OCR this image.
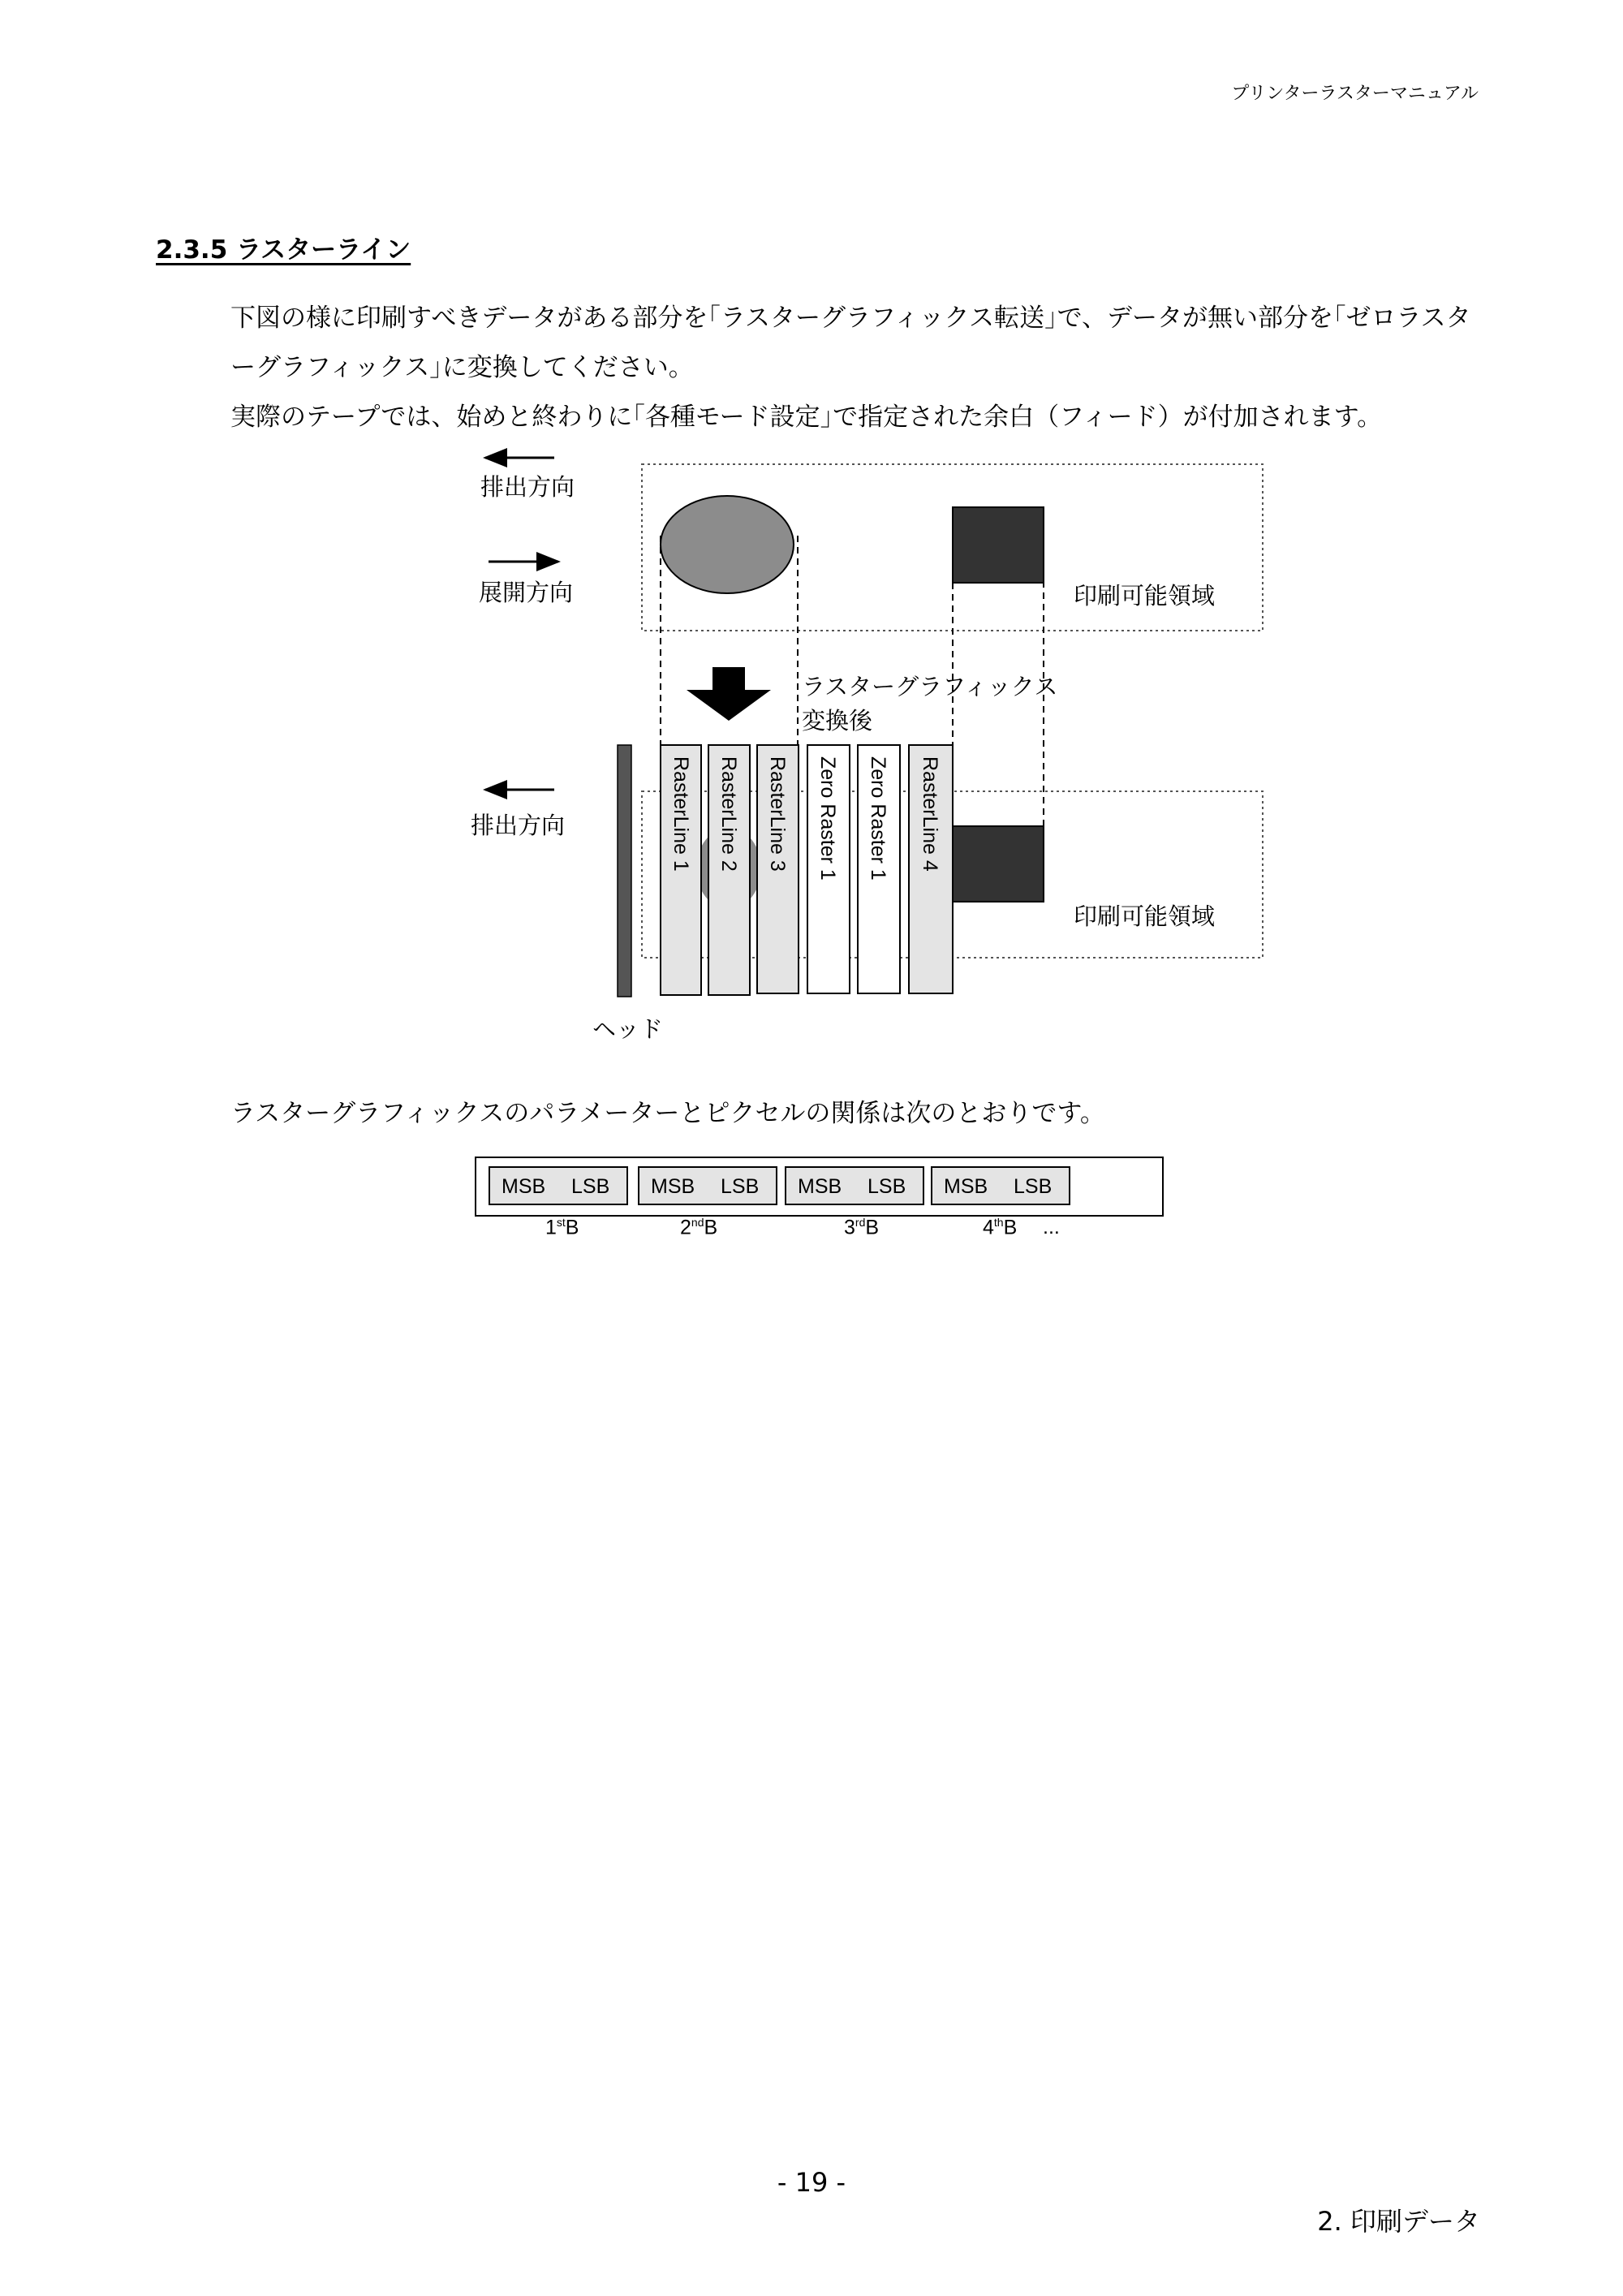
プリンターラスターマニュアル
2.3.5 ラスターライン
下図の様に印刷すべきデータがある部分を｢ラスターグラフィックス転送｣で、データが無い部分を｢ゼロラスタ
ーグラフィックス｣に変換してください。
実際のテープでは、始めと終わりに｢各種モード設定｣で指定された余白（フィード）が付加されます。
RasterLine 1 RasterLine 2 RasterLine 3 Zero Raster 1 Zero Raster 1 RasterLine 4
排出方向
展開方向	印刷可能領域
ラスターグラフィックス
変換後
排出方向
印刷可能領域
ヘッド
ラスターグラフィックスのパラメーターとピクセルの関係は次のとおりです。
MSB LSB MSB LSB MSB LSB MSB LSB
1stB	2ndB	3rdB	4thB ...
- 19 -
2. 印刷データ
